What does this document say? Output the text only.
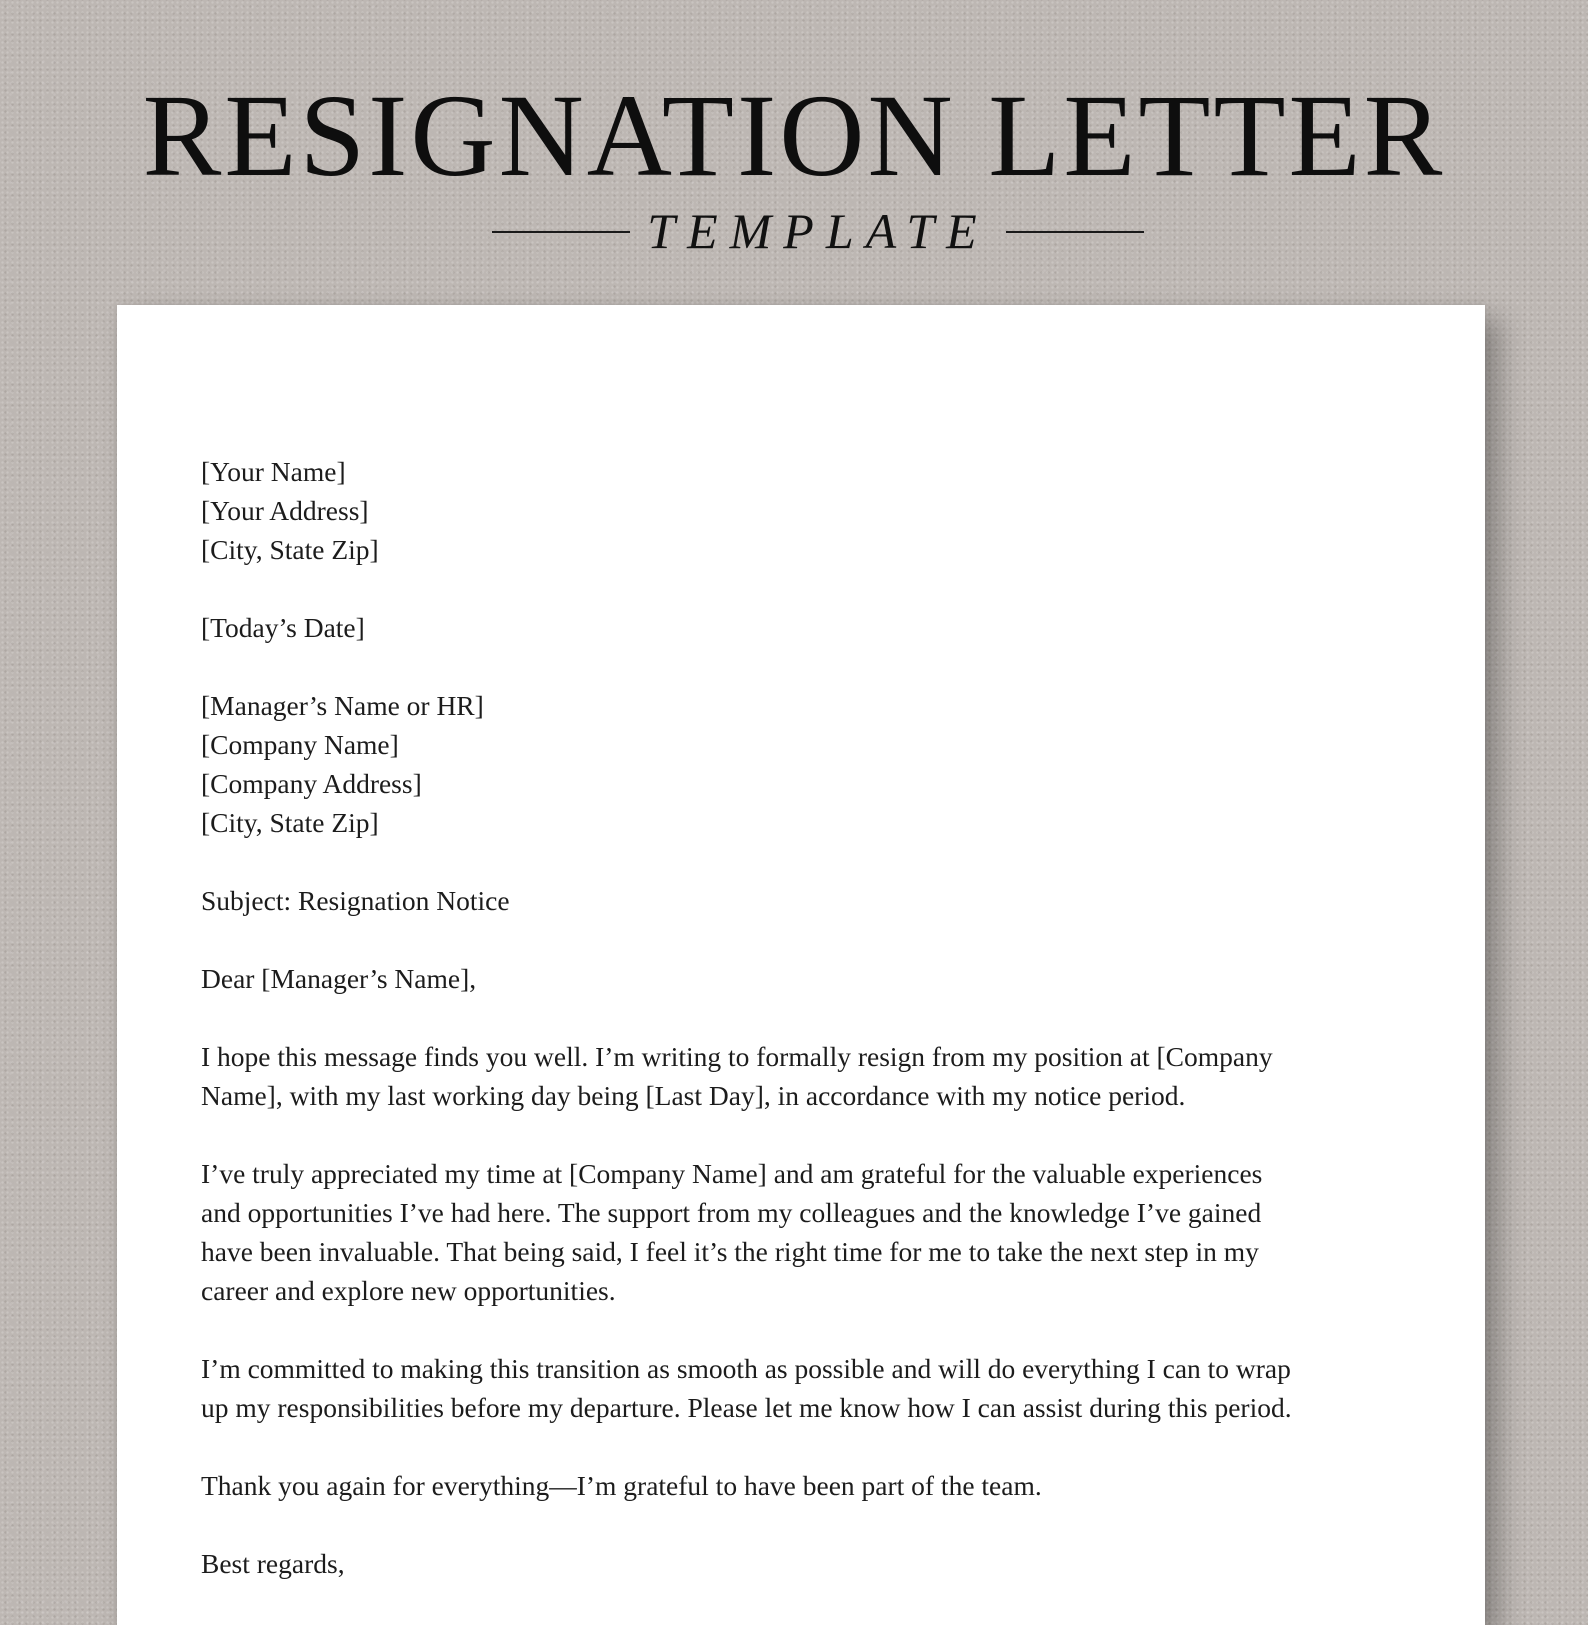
RESIGNATION LETTER
TEMPLATE
[Your Name]
[Your Address]
[City, State Zip]
[Today’s Date]
[Manager’s Name or HR]
[Company Name]
[Company Address]
[City, State Zip]
Subject: Resignation Notice
Dear [Manager’s Name],
I hope this message finds you well. I’m writing to formally resign from my position at [Company
Name], with my last working day being [Last Day], in accordance with my notice period.
I’ve truly appreciated my time at [Company Name] and am grateful for the valuable experiences
and opportunities I’ve had here. The support from my colleagues and the knowledge I’ve gained
have been invaluable. That being said, I feel it’s the right time for me to take the next step in my
career and explore new opportunities.
I’m committed to making this transition as smooth as possible and will do everything I can to wrap
up my responsibilities before my departure. Please let me know how I can assist during this period.
Thank you again for everything—I’m grateful to have been part of the team.
Best regards,
